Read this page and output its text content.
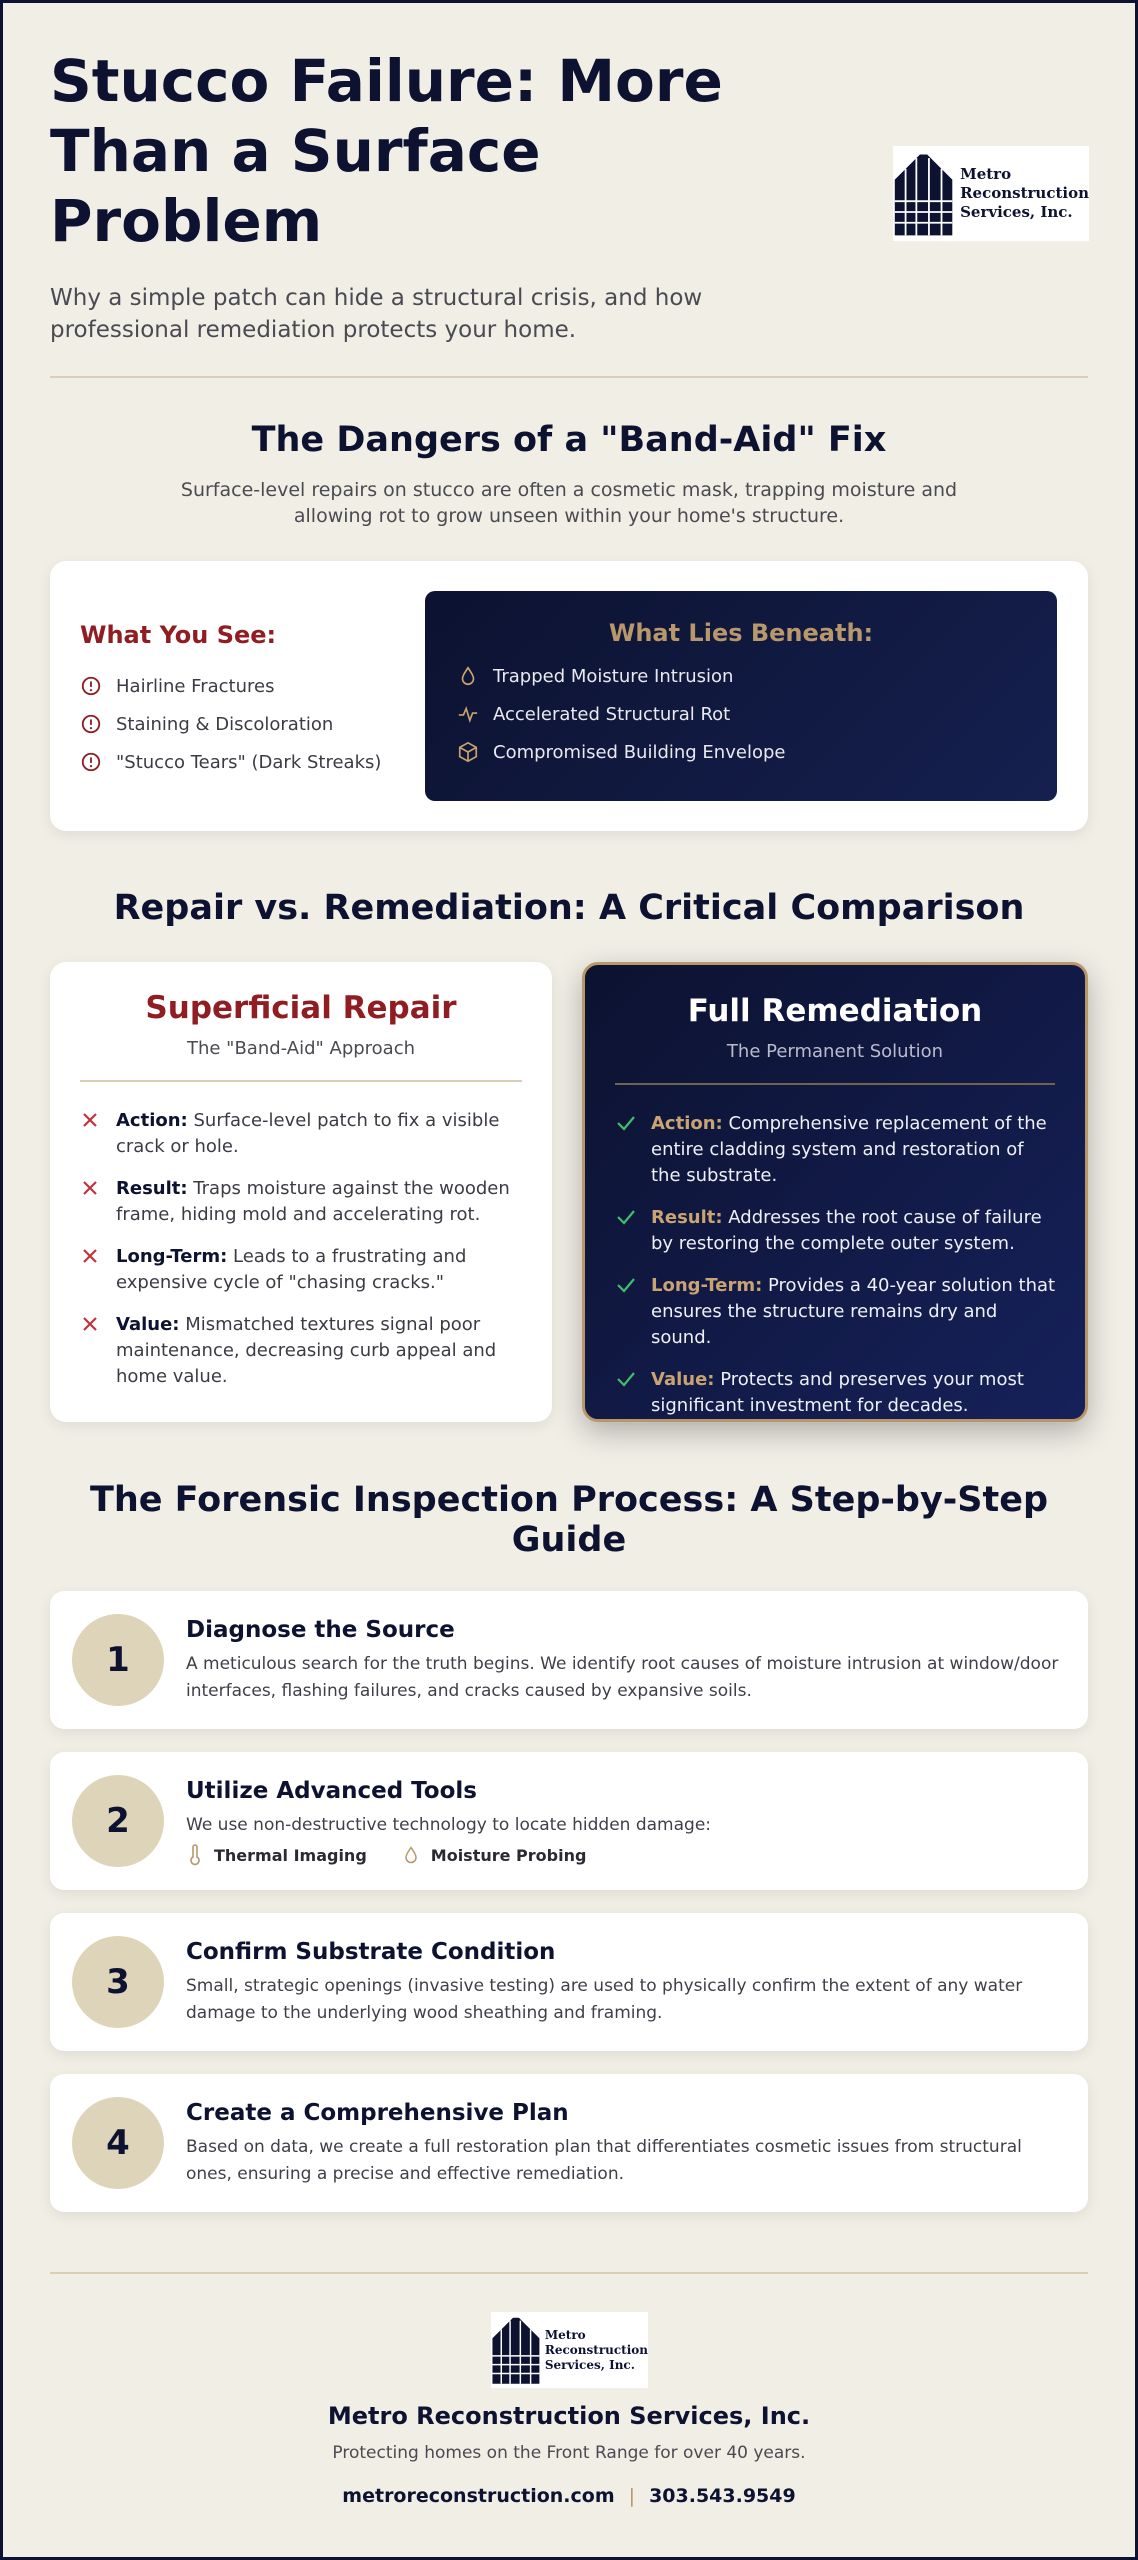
Stucco Failure: More Than a Surface Problem

Why a simple patch can hide a structural crisis, and how professional remediation protects your home.

Metro
Reconstruction
Services, Inc.
The Dangers of a "Band-Aid" Fix
Surface-level repairs on stucco are often a cosmetic mask, trapping moisture and
allowing rot to grow unseen within your home's structure.
What You See:
Hairline Fractures
Staining & Discoloration
"Stucco Tears" (Dark Streaks)
What Lies Beneath:
Trapped Moisture Intrusion
Accelerated Structural Rot
Compromised Building Envelope
Repair vs. Remediation: A Critical Comparison
Superficial Repair
The "Band-Aid" Approach
Action: Surface-level patch to fix a visible crack or hole.
Result: Traps moisture against the wooden frame, hiding mold and accelerating rot.
Long-Term: Leads to a frustrating and expensive cycle of "chasing cracks."
Value: Mismatched textures signal poor maintenance, decreasing curb appeal and home value.
Full Remediation
The Permanent Solution
Action: Comprehensive replacement of the entire cladding system and restoration of the substrate.
Result: Addresses the root cause of failure by restoring the complete outer system.
Long-Term: Provides a 40-year solution that ensures the structure remains dry and sound.
Value: Protects and preserves your most significant investment for decades.
The Forensic Inspection Process: A Step-by-Step
Guide
1
Diagnose the Source

A meticulous search for the truth begins. We identify root causes of moisture intrusion at window/door interfaces, flashing failures, and cracks caused by expansive soils.

2
Utilize Advanced Tools

We use non-destructive technology to locate hidden damage:

Thermal Imaging	Moisture Probing
3
Confirm Substrate Condition

Small, strategic openings (invasive testing) are used to physically confirm the extent of any water damage to the underlying wood sheathing and framing.

4
Create a Comprehensive Plan

Based on data, we create a full restoration plan that differentiates cosmetic issues from structural ones, ensuring a precise and effective remediation.

Metro
Reconstruction
Services, Inc.
Metro Reconstruction Services, Inc.
Protecting homes on the Front Range for over 40 years.
metroreconstruction.com | 303.543.9549
